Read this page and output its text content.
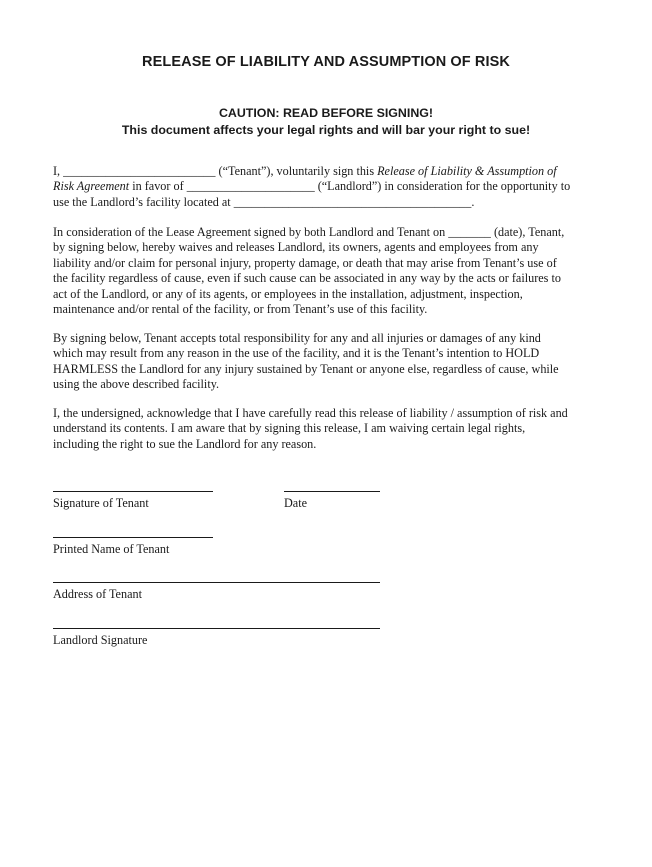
RELEASE OF LIABILITY AND ASSUMPTION OF RISK
CAUTION: READ BEFORE SIGNING!
This document affects your legal rights and will bar your right to sue!
I, _________________________ (“Tenant”), voluntarily sign this Release of Liability & Assumption of
Risk Agreement in favor of _____________________ (“Landlord”) in consideration for the opportunity to
use the Landlord’s facility located at _______________________________________.
In consideration of the Lease Agreement signed by both Landlord and Tenant on _______ (date), Tenant,
by signing below, hereby waives and releases Landlord, its owners, agents and employees from any
liability and/or claim for personal injury, property damage, or death that may arise from Tenant’s use of
the facility regardless of cause, even if such cause can be associated in any way by the acts or failures to
act of the Landlord, or any of its agents, or employees in the installation, adjustment, inspection,
maintenance and/or rental of the facility, or from Tenant’s use of this facility.
By signing below, Tenant accepts total responsibility for any and all injuries or damages of any kind
which may result from any reason in the use of the facility, and it is the Tenant’s intention to HOLD
HARMLESS the Landlord for any injury sustained by Tenant or anyone else, regardless of cause, while
using the above described facility.
I, the undersigned, acknowledge that I have carefully read this release of liability / assumption of risk and
understand its contents. I am aware that by signing this release, I am waiving certain legal rights,
including the right to sue the Landlord for any reason.
Signature of Tenant	Date
Printed Name of Tenant
Address of Tenant
Landlord Signature
